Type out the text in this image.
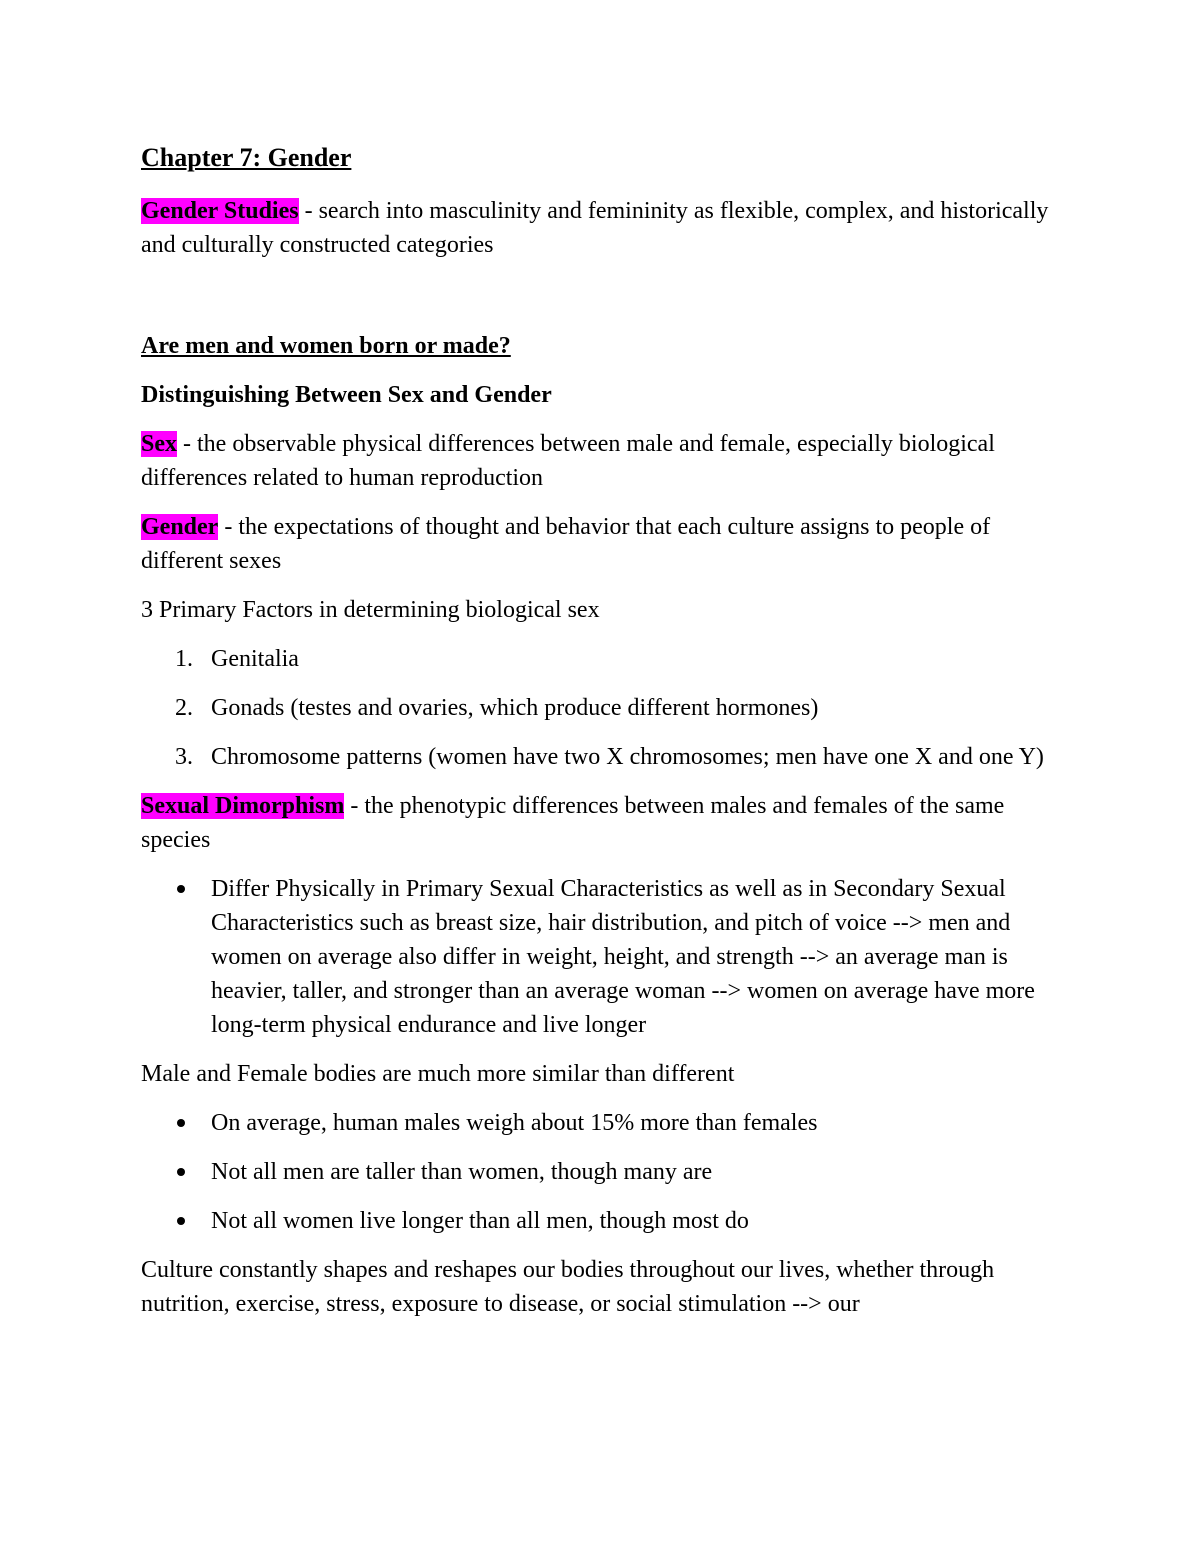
Chapter 7: Gender

Gender Studies - search into masculinity and femininity as flexible, complex, and historically and culturally constructed categories

Are men and women born or made?
Distinguishing Between Sex and Gender

Sex - the observable physical differences between male and female, especially biological differences related to human reproduction

Gender - the expectations of thought and behavior that each culture assigns to people of different sexes

3 Primary Factors in determining biological sex

1. Genitalia
2. Gonads (testes and ovaries, which produce different hormones)
3. Chromosome patterns (women have two X chromosomes; men have one X and one Y)

Sexual Dimorphism - the phenotypic differences between males and females of the same species

Differ Physically in Primary Sexual Characteristics as well as in Secondary Sexual Characteristics such as breast size, hair distribution, and pitch of voice --> men and women on average also differ in weight, height, and strength --> an average man is heavier, taller, and stronger than an average woman --> women on average have more long-term physical endurance and live longer

Male and Female bodies are much more similar than different

On average, human males weigh about 15% more than females
Not all men are taller than women, though many are
Not all women live longer than all men, though most do

Culture constantly shapes and reshapes our bodies throughout our lives, whether through nutrition, exercise, stress, exposure to disease, or social stimulation --> our
